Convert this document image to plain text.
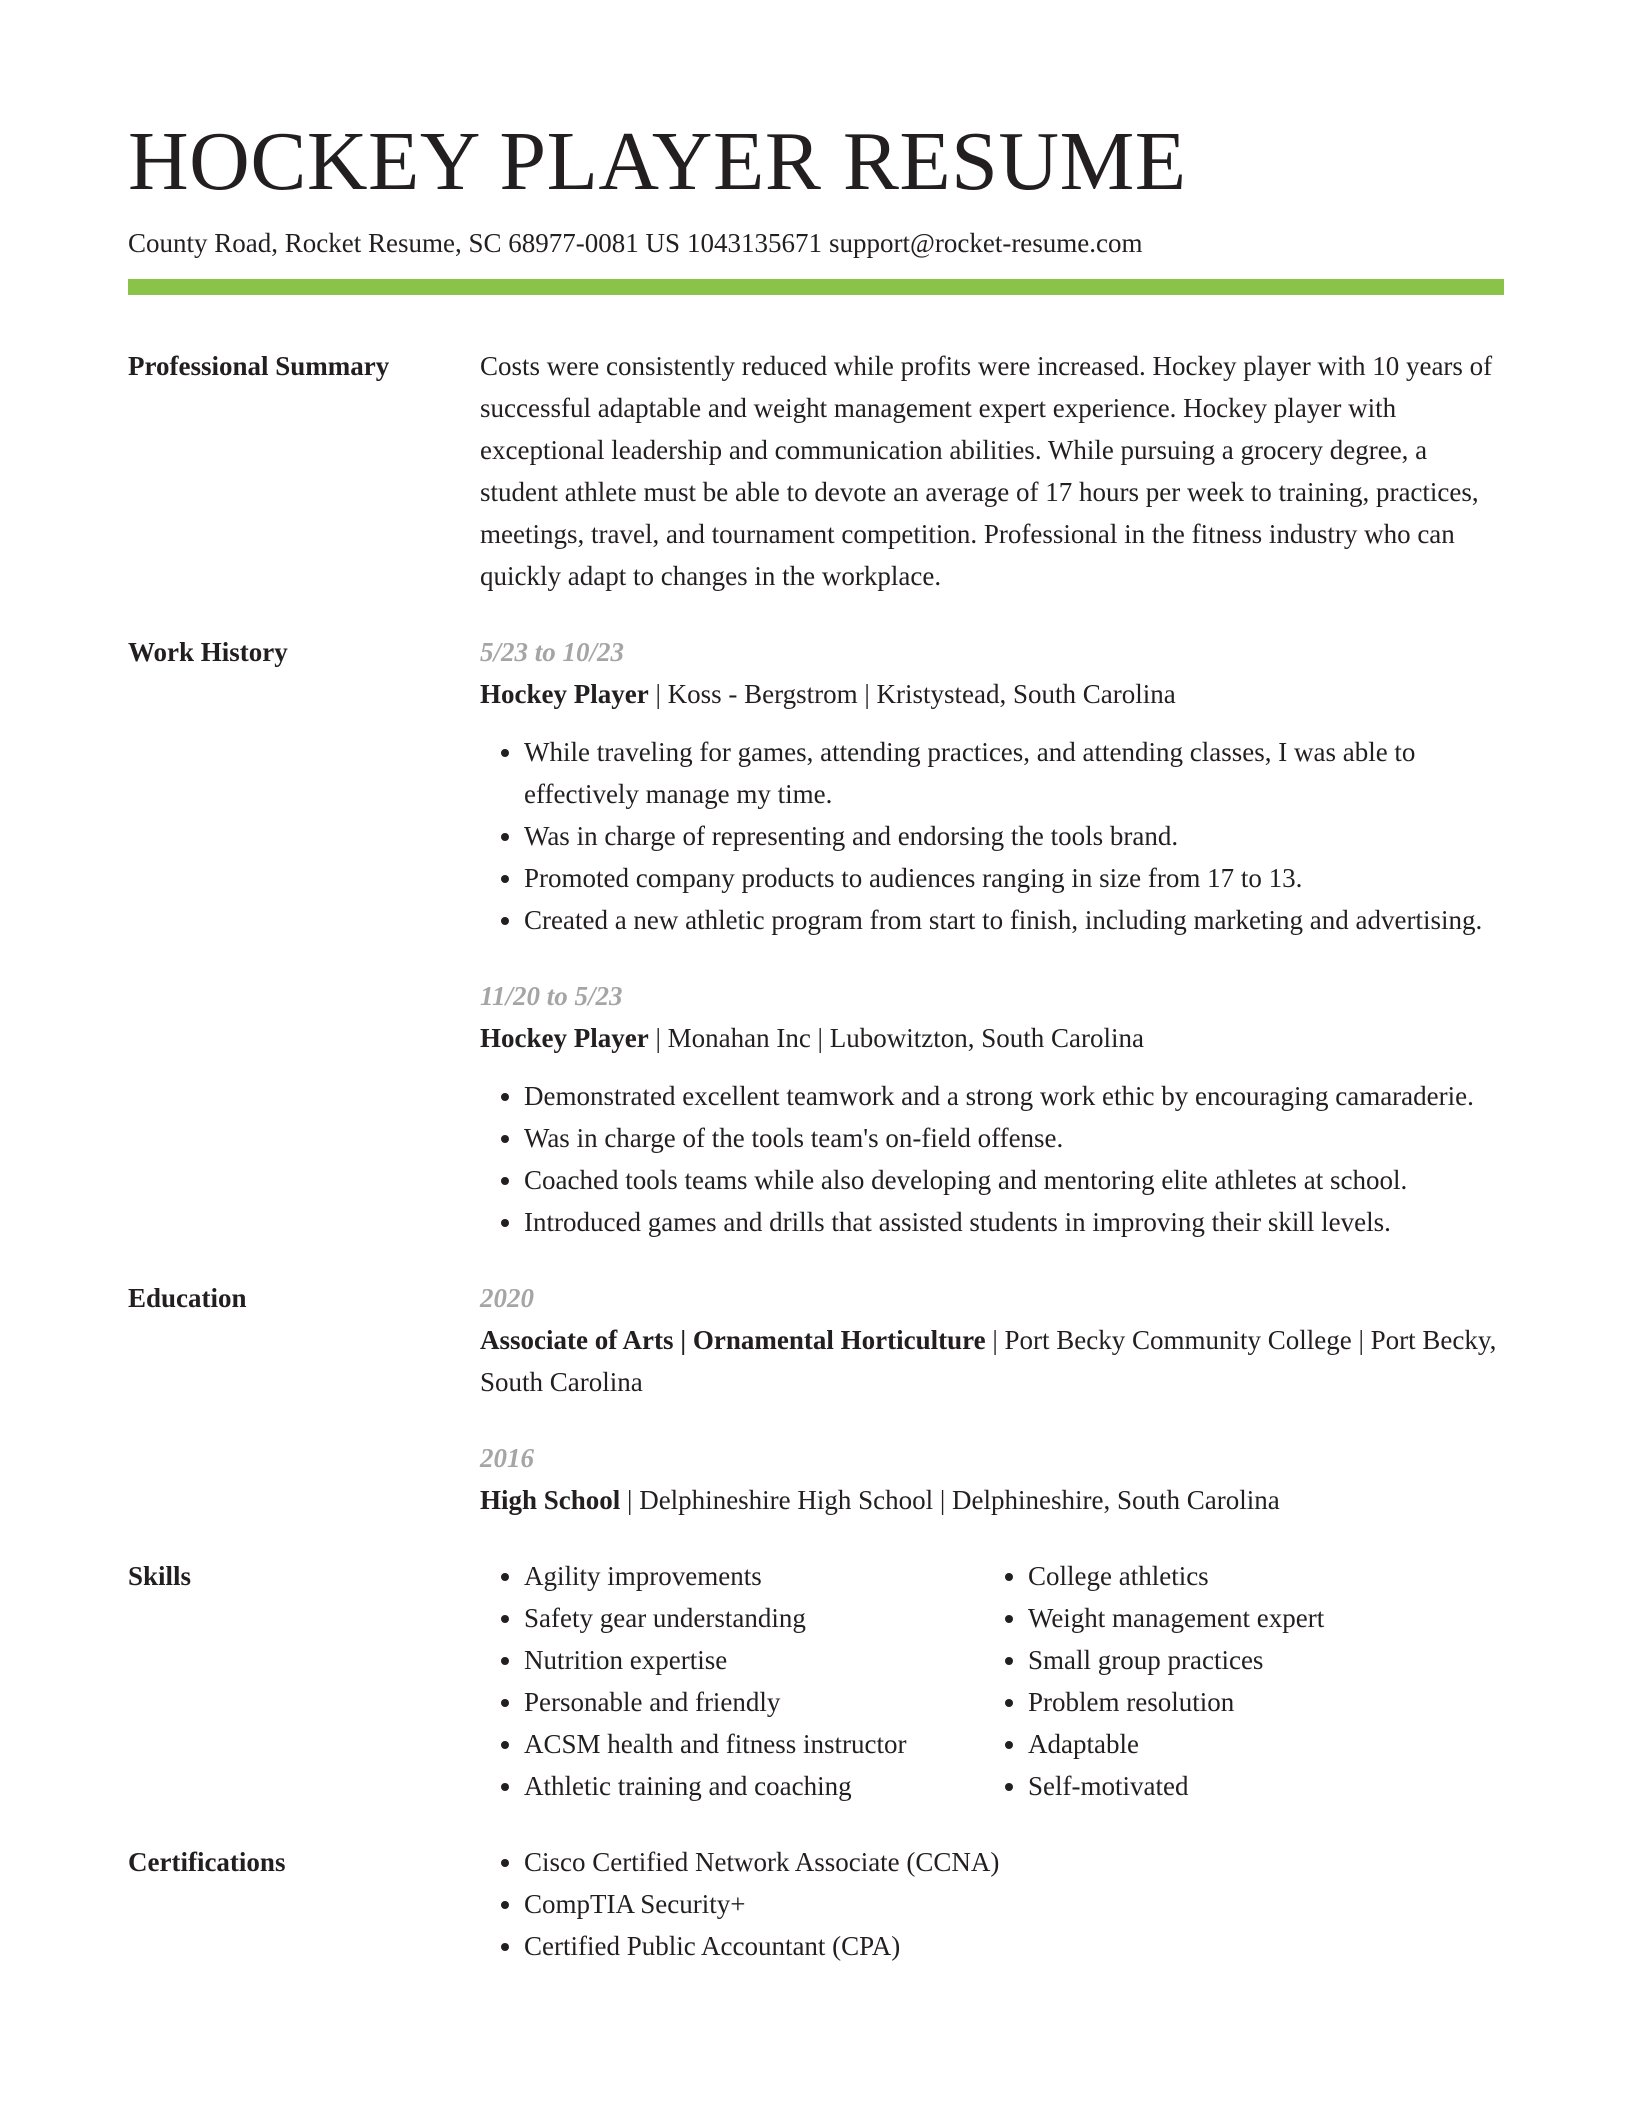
HOCKEY PLAYER RESUME
County Road, Rocket Resume, SC 68977-0081 US 1043135671 support@rocket-resume.com
Professional Summary	Costs were consistently reduced while profits were increased. Hockey player with 10 years of successful adaptable and weight management expert experience. Hockey player with exceptional leadership and communication abilities. While pursuing a grocery degree, a student athlete must be able to devote an average of 17 hours per week to training, practices, meetings, travel, and tournament competition. Professional in the fitness industry who can quickly adapt to changes in the workplace.

Work History	5/23 to 10/23
Hockey Player | Koss - Bergstrom | Kristystead, South Carolina
• While traveling for games, attending practices, and attending classes, I was able to effectively manage my time.
• Was in charge of representing and endorsing the tools brand.
• Promoted company products to audiences ranging in size from 17 to 13.
• Created a new athletic program from start to finish, including marketing and advertising.
11/20 to 5/23
Hockey Player | Monahan Inc | Lubowitzton, South Carolina
• Demonstrated excellent teamwork and a strong work ethic by encouraging camaraderie.
• Was in charge of the tools team's on-field offense.
• Coached tools teams while also developing and mentoring elite athletes at school.
• Introduced games and drills that assisted students in improving their skill levels.
Education	2020
Associate of Arts | Ornamental Horticulture | Port Becky Community College | Port Becky, South Carolina
2016
High School | Delphineshire High School | Delphineshire, South Carolina
Skills	• Agility improvements
• Safety gear understanding
• Nutrition expertise
• Personable and friendly
• ACSM health and fitness instructor
• Athletic training and coaching
• College athletics
• Weight management expert
• Small group practices
• Problem resolution
• Adaptable
• Self-motivated
Certifications	• Cisco Certified Network Associate (CCNA)
• CompTIA Security+
• Certified Public Accountant (CPA)
